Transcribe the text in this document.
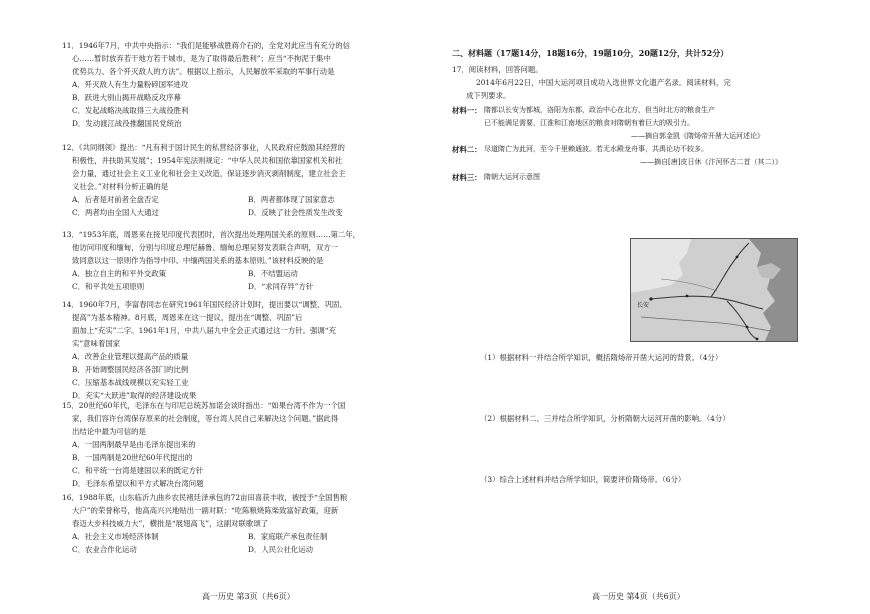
11．1946年7月，中共中央指示：“我们是能够战胜蒋介石的，全党对此应当有充分的信
心……暂时放弃若干地方若干城市，是为了取得最后胜利”；应当“不拘泥于集中
优势兵力、各个歼灭敌人的方法”。根据以上指示，人民解放军采取的军事行动是
A．歼灭敌人有生力量粉碎国军进攻
B．跃进大别山揭开战略反攻序幕
C．发起战略决战取得三大战役胜利
D．发动渡江战役推翻国民党统治
12．《共同纲领》提出：“凡有利于国计民生的私营经济事业，人民政府应鼓励其经营的
积极性，并扶助其发展”；1954年宪法则规定：“中华人民共和国依靠国家机关和社
会力量，通过社会主义工业化和社会主义改造，保证逐步消灭剥削制度，建立社会主
义社会。”对材料分析正确的是
A．后者是对前者全盘否定	B．两者都体现了国家意志
C．两者均由全国人大通过	D．反映了社会性质发生改变
13．“1953年底，周恩来在接见印度代表团时，首次提出处理两国关系的原则……第二年，
他访问印度和缅甸，分别与印度总理尼赫鲁、缅甸总理吴努发表联合声明，双方一
致同意以这一原则作为指导中印、中缅两国关系的基本原则。”该材料反映的是
A．独立自主的和平外交政策	B．不结盟运动
C．和平共处五项原则	D．“求同存异”方针
14．1960年7月，李富春同志在研究1961年国民经济计划时，提出要以“调整、巩固、
提高”为基本精神。8月底，周恩来在这一提议，提出在“调整、巩固”后
面加上“充实”二字。1961年1月，中共八届九中全会正式通过这一方针。强调“充
实”意味着国家
A．改善企业管理以提高产品的质量
B．开始调整国民经济各部门的比例
C．压缩基本战线规模以充实轻工业
D．充实“大跃进”取得的经济建设成果
15．20世纪60年代，毛泽东在与印尼总统苏加诺会谈时指出：“如果台湾不作为一个国
家，我们容许台湾保存原来的社会制度，等台湾人民自己来解决这个问题。”据此得
出结论中最为可信的是
A．一国两制最早是由毛泽东提出来的
B．一国两制是20世纪60年代提出的
C．和平统一台湾是建国以来的既定方针
D．毛泽东希望以和平方式解决台湾问题
16．1988年底，山东临沂九曲乡农民褚廷泽承包的72亩田喜获丰收，被授予“全国售粮
大户”的荣誉称号，他高高兴兴地贴出一副对联：“吃陈粮烧陈柴致富好政策，迎新
春迈大步科技威力大”，横批是“展翅高飞”，这副对联歌颂了
A．社会主义市场经济体制	B．家庭联产承包责任制
C．农业合作化运动	D．人民公社化运动
高一历史 第3页（共6页）
二、材料题（17题14分，18题16分，19题10分，20题12分，共计52分）
17．阅读材料，回答问题。
2014年6月22日，中国大运河项目成功入选世界文化遗产名录。阅读材料，完
成下列要求。
材料一： 隋都以长安为都城，洛阳为东都，政治中心在北方，但当时北方的粮食生产
已不能满足需要，江淮和江南地区的粮食对隋朝有着巨大的吸引力。
——摘自郭金凯《隋炀帝开凿大运河述论》
材料二： 尽道隋亡为此河，至今千里赖通波。若无水殿龙舟事，共禹论功不较多。
——摘自[唐]皮日休《汴河怀古二首（其二）》
材料三： 隋朝大运河示意图
长安
（1）根据材料一并结合所学知识，概括隋炀帝开凿大运河的背景。（4分）
（2）根据材料二、三并结合所学知识，分析隋朝大运河开凿的影响。（4分）
（3）综合上述材料并结合所学知识，简要评价隋炀帝。（6分）
高一历史 第4页（共6页）
